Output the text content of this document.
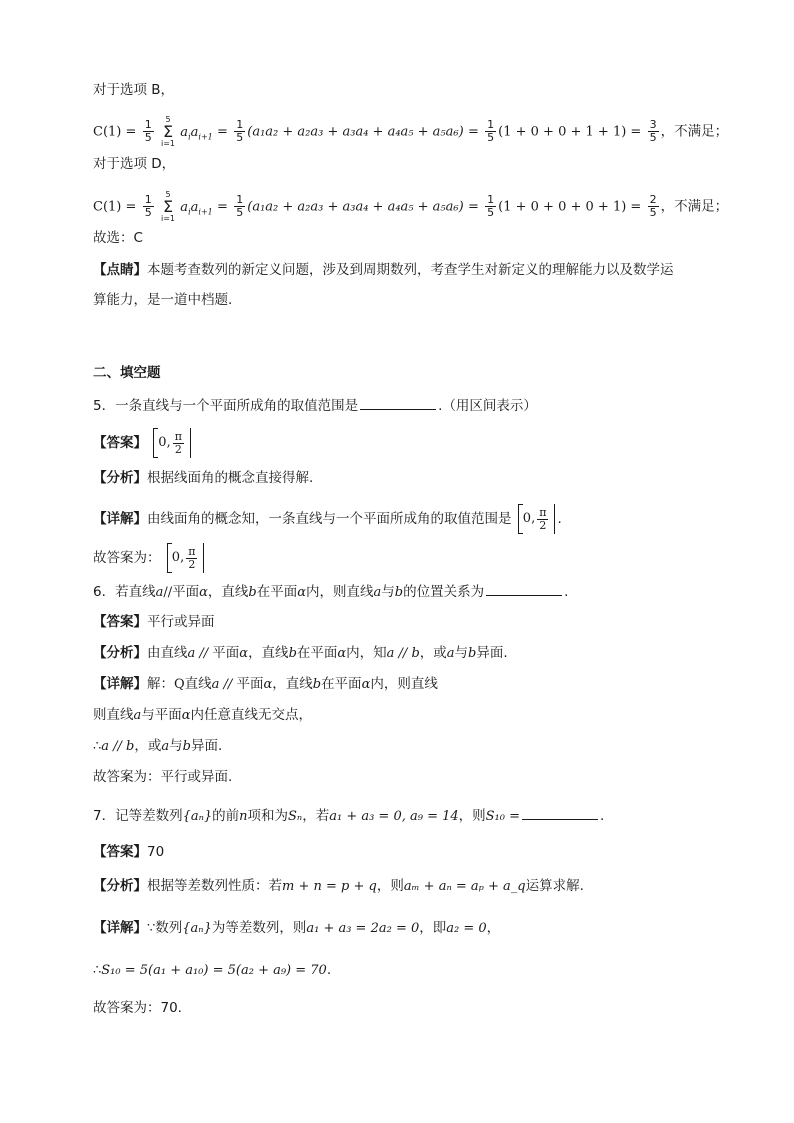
对于选项 B，
$C(1) = \frac{1}{5}$
5
Σ
i=1
$a_ia_{i+1} = \frac{1}{5} (a_1a_2 + a_2a_3 + a_3a_4 + a_4a_5 + a_5a_6) = \frac{1}{5} (1 + 0 + 0 + 1 + 1) = \frac{3}{5}$ ，不满足；
对于选项 D，
$C(1) = \frac{1}{5}$
5
Σ
i=1
$a_ia_{i+1} = \frac{1}{5} (a_1a_2 + a_2a_3 + a_3a_4 + a_4a_5 + a_5a_6) = \frac{1}{5} (1 + 0 + 0 + 0 + 1) = \frac{2}{5}$ ，不满足；
故选：C
【点睛】本题考查数列的新定义问题，涉及到周期数列，考查学生对新定义的理解能力以及数学运
算能力，是一道中档题.
二、填空题
5．一条直线与一个平面所成角的取值范围是	.（用区间表示）
【答案】 0, $\frac{\pi}{2}$
【分析】根据线面角的概念直接得解.
【详解】由线面角的概念知，一条直线与一个平面所成角的取值范围是 0, $\frac{\pi}{2}$ .
故答案为： 0, $\frac{\pi}{2}$
6．若直线a//平面α，直线b在平面α内，则直线a与b的位置关系为	.
【答案】平行或异面
【分析】由直线a // 平面α，直线b在平面α内，知a // b，或a与b异面.
【详解】解：Q直线a // 平面α，直线b在平面α内，则直线
则直线a与平面α内任意直线无交点，
∴a // b，或a与b异面.
故答案为：平行或异面.
7．记等差数列{aₙ}的前n项和为Sₙ，若a₁ + a₃ = 0, a₉ = 14，则S₁₀ =	.
【答案】70
【分析】根据等差数列性质：若m + n = p + q，则aₘ + aₙ = aₚ + a_q运算求解.
【详解】∵数列{aₙ}为等差数列，则a₁ + a₃ = 2a₂ = 0，即a₂ = 0，
∴S₁₀ = 5(a₁ + a₁₀) = 5(a₂ + a₉) = 70.
故答案为：70.
